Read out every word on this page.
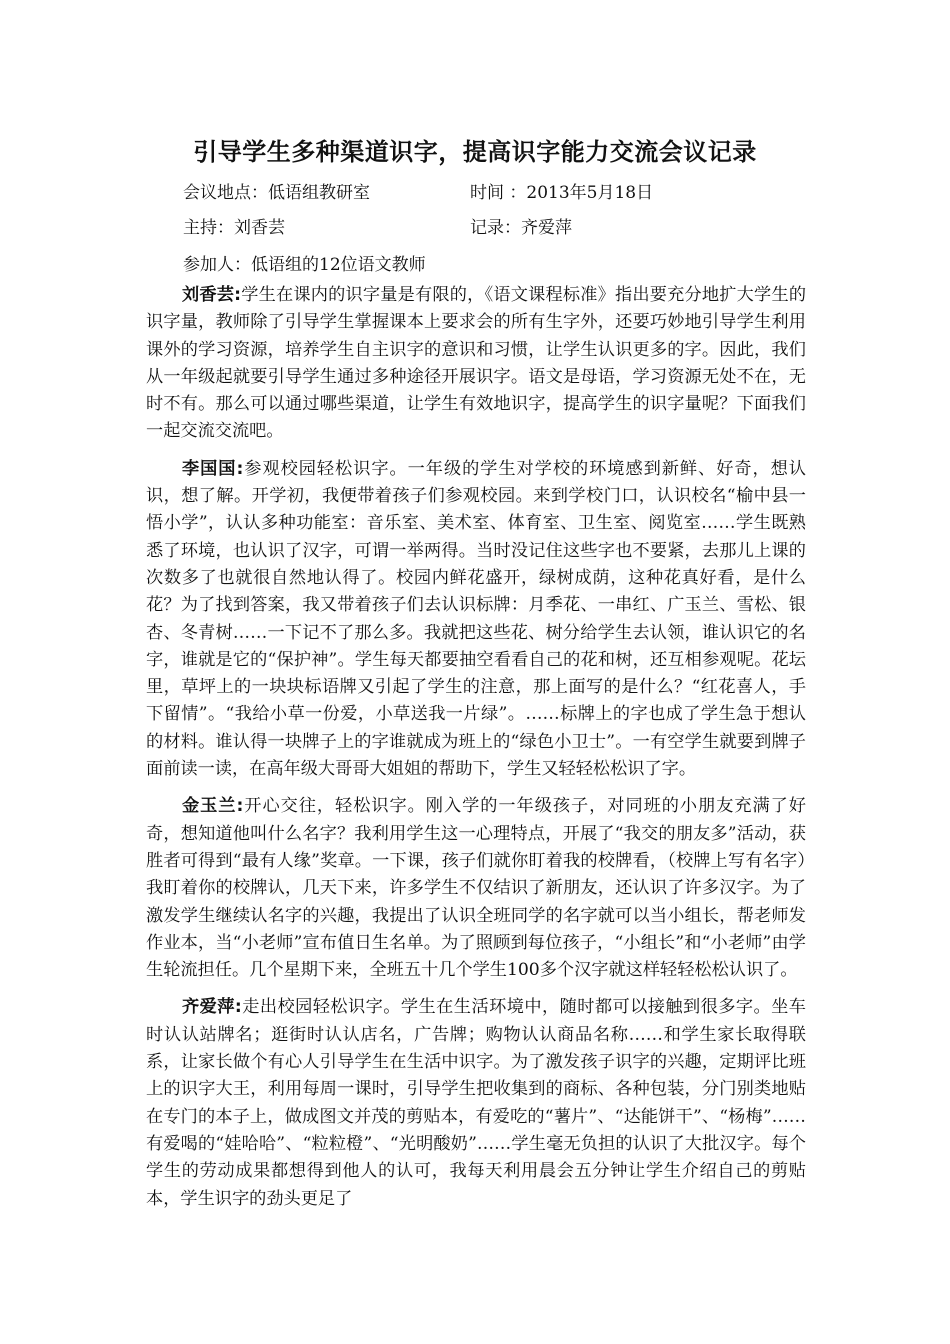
引导学生多种渠道识字，提高识字能力交流会议记录

会议地点：低语组教研室	时间 ：2013年5月18日

主持：刘香芸	记录：齐爱萍

参加人：低语组的12位语文教师

刘香芸:学生在课内的识字量是有限的，《语文课程标准》指出要充分地扩大学生的识字量，教师除了引导学生掌握课本上要求会的所有生字外，还要巧妙地引导学生利用课外的学习资源，培养学生自主识字的意识和习惯，让学生认识更多的字。因此，我们从一年级起就要引导学生通过多种途径开展识字。语文是母语，学习资源无处不在，无时不有。那么可以通过哪些渠道，让学生有效地识字，提高学生的识字量呢？下面我们一起交流交流吧。

李国国:参观校园轻松识字。一年级的学生对学校的环境感到新鲜、好奇，想认识，想了解。开学初，我便带着孩子们参观校园。来到学校门口，认识校名“榆中县一悟小学”，认认多种功能室：音乐室、美术室、体育室、卫生室、阅览室……学生既熟悉了环境，也认识了汉字，可谓一举两得。当时没记住这些字也不要紧，去那儿上课的次数多了也就很自然地认得了。校园内鲜花盛开，绿树成荫，这种花真好看，是什么花？为了找到答案，我又带着孩子们去认识标牌：月季花、一串红、广玉兰、雪松、银杏、冬青树……一下记不了那么多。我就把这些花、树分给学生去认领，谁认识它的名字，谁就是它的“保护神”。学生每天都要抽空看看自己的花和树，还互相参观呢。花坛里，草坪上的一块块标语牌又引起了学生的注意，那上面写的是什么？“红花喜人，手下留情”。“我给小草一份爱，小草送我一片绿”。……标牌上的字也成了学生急于想认的材料。谁认得一块牌子上的字谁就成为班上的“绿色小卫士”。一有空学生就要到牌子面前读一读，在高年级大哥哥大姐姐的帮助下，学生又轻轻松松识了字。

金玉兰:开心交往，轻松识字。刚入学的一年级孩子，对同班的小朋友充满了好奇，想知道他叫什么名字？我利用学生这一心理特点，开展了“我交的朋友多”活动，获胜者可得到“最有人缘”奖章。一下课，孩子们就你盯着我的校牌看，（校牌上写有名字）我盯着你的校牌认，几天下来，许多学生不仅结识了新朋友，还认识了许多汉字。为了激发学生继续认名字的兴趣，我提出了认识全班同学的名字就可以当小组长，帮老师发作业本，当“小老师”宣布值日生名单。为了照顾到每位孩子，“小组长”和“小老师”由学生轮流担任。几个星期下来，全班五十几个学生100多个汉字就这样轻轻松松认识了。

齐爱萍:走出校园轻松识字。学生在生活环境中，随时都可以接触到很多字。坐车时认认站牌名；逛街时认认店名，广告牌；购物认认商品名称……和学生家长取得联系，让家长做个有心人引导学生在生活中识字。为了激发孩子识字的兴趣，定期评比班上的识字大王，利用每周一课时，引导学生把收集到的商标、各种包装，分门别类地贴在专门的本子上，做成图文并茂的剪贴本，有爱吃的“薯片”、“达能饼干”、“杨梅”……有爱喝的“娃哈哈”、“粒粒橙”、“光明酸奶”……学生毫无负担的认识了大批汉字。每个学生的劳动成果都想得到他人的认可，我每天利用晨会五分钟让学生介绍自己的剪贴本，学生识字的劲头更足了
